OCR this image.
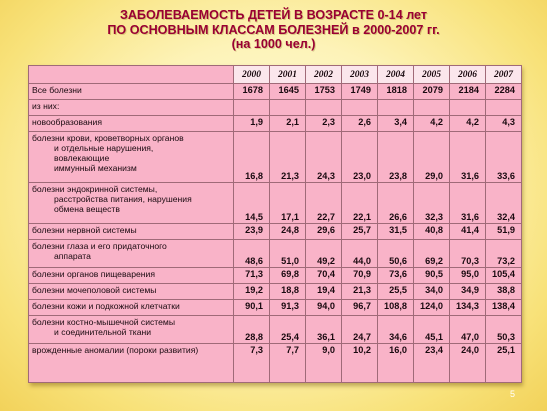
ЗАБОЛЕВАЕМОСТЬ ДЕТЕЙ В ВОЗРАСТЕ 0-14 лет
ПО ОСНОВНЫМ КЛАССАМ БОЛЕЗНЕЙ в 2000-2007 гг.
(на 1000 чел.)
	2000	2001	2002	2003	2004	2005	2006	2007

Все болезни	1678	1645	1753	1749	1818	2079	2184	2284

из них:								

новообразования	1,9	2,1	2,3	2,6	3,4	4,2	4,2	4,3

болезни крови, кроветворных органов
и отдельные нарушения,
вовлекающие
иммунный механизм	16,8	21,3	24,3	23,0	23,8	29,0	31,6	33,6

болезни эндокринной системы,
расстройства питания, нарушения
обмена веществ	14,5	17,1	22,7	22,1	26,6	32,3	31,6	32,4

болезни нервной системы	23,9	24,8	29,6	25,7	31,5	40,8	41,4	51,9

болезни глаза и его придаточного
аппарата	48,6	51,0	49,2	44,0	50,6	69,2	70,3	73,2

болезни органов пищеварения	71,3	69,8	70,4	70,9	73,6	90,5	95,0	105,4

болезни мочеполовой системы	19,2	18,8	19,4	21,3	25,5	34,0	34,9	38,8

болезни кожи и подкожной клетчатки	90,1	91,3	94,0	96,7	108,8	124,0	134,3	138,4

болезни костно-мышечной системы
и соединительной ткани	28,8	25,4	36,1	24,7	34,6	45,1	47,0	50,3

врожденные аномалии (пороки развития)	7,3	7,7	9,0	10,2	16,0	23,4	24,0	25,1
5
